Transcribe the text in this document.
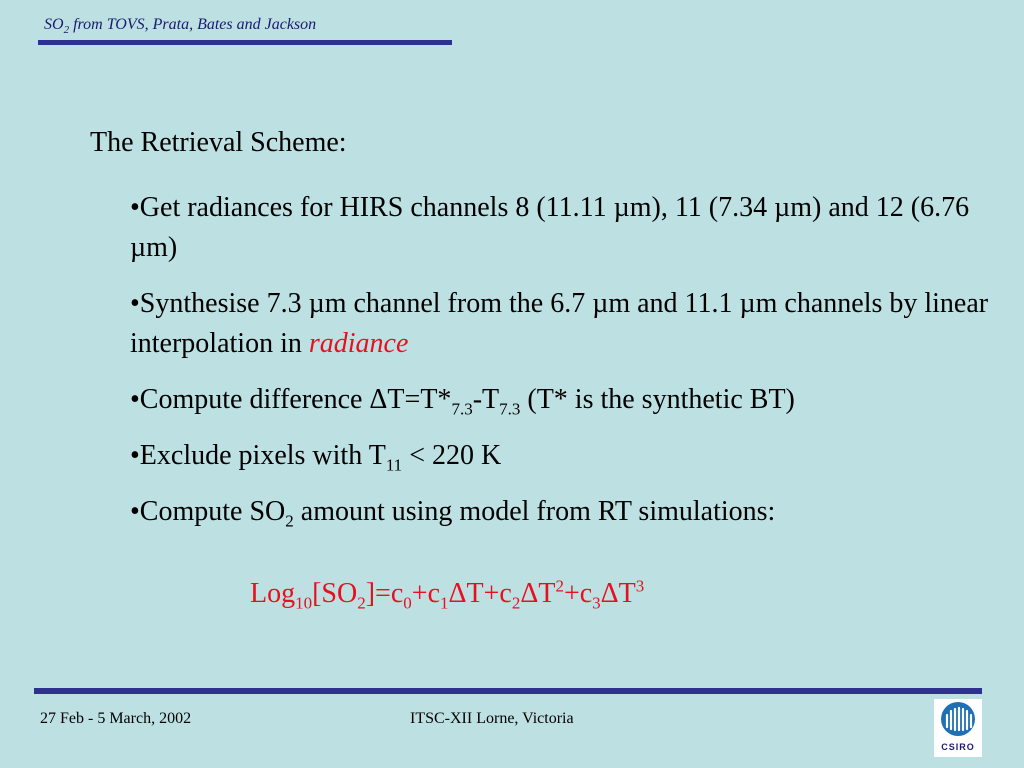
$SO_2$ from TOVS, Prata, Bates and Jackson
The Retrieval Scheme:
•Get radiances for HIRS channels 8 (11.11 µm), 11 (7.34 µm) and 12 (6.76 µm)
•Synthesise 7.3 µm channel from the 6.7 µm and 11.1 µm channels by linear interpolation in radiance
•Compute difference $\Delta T=T*_{7.3}-T_{7.3}$ (T* is the synthetic BT)
•Exclude pixels with $T_{11} < 220$ K
•Compute $SO_2$ amount using model from RT simulations:
$Log_{10}[SO_2]=c_0+c_1\Delta T+c_2\Delta T^2+c_3\Delta T^3$
27 Feb - 5 March, 2002	ITSC-XII Lorne, Victoria
CSIRO
